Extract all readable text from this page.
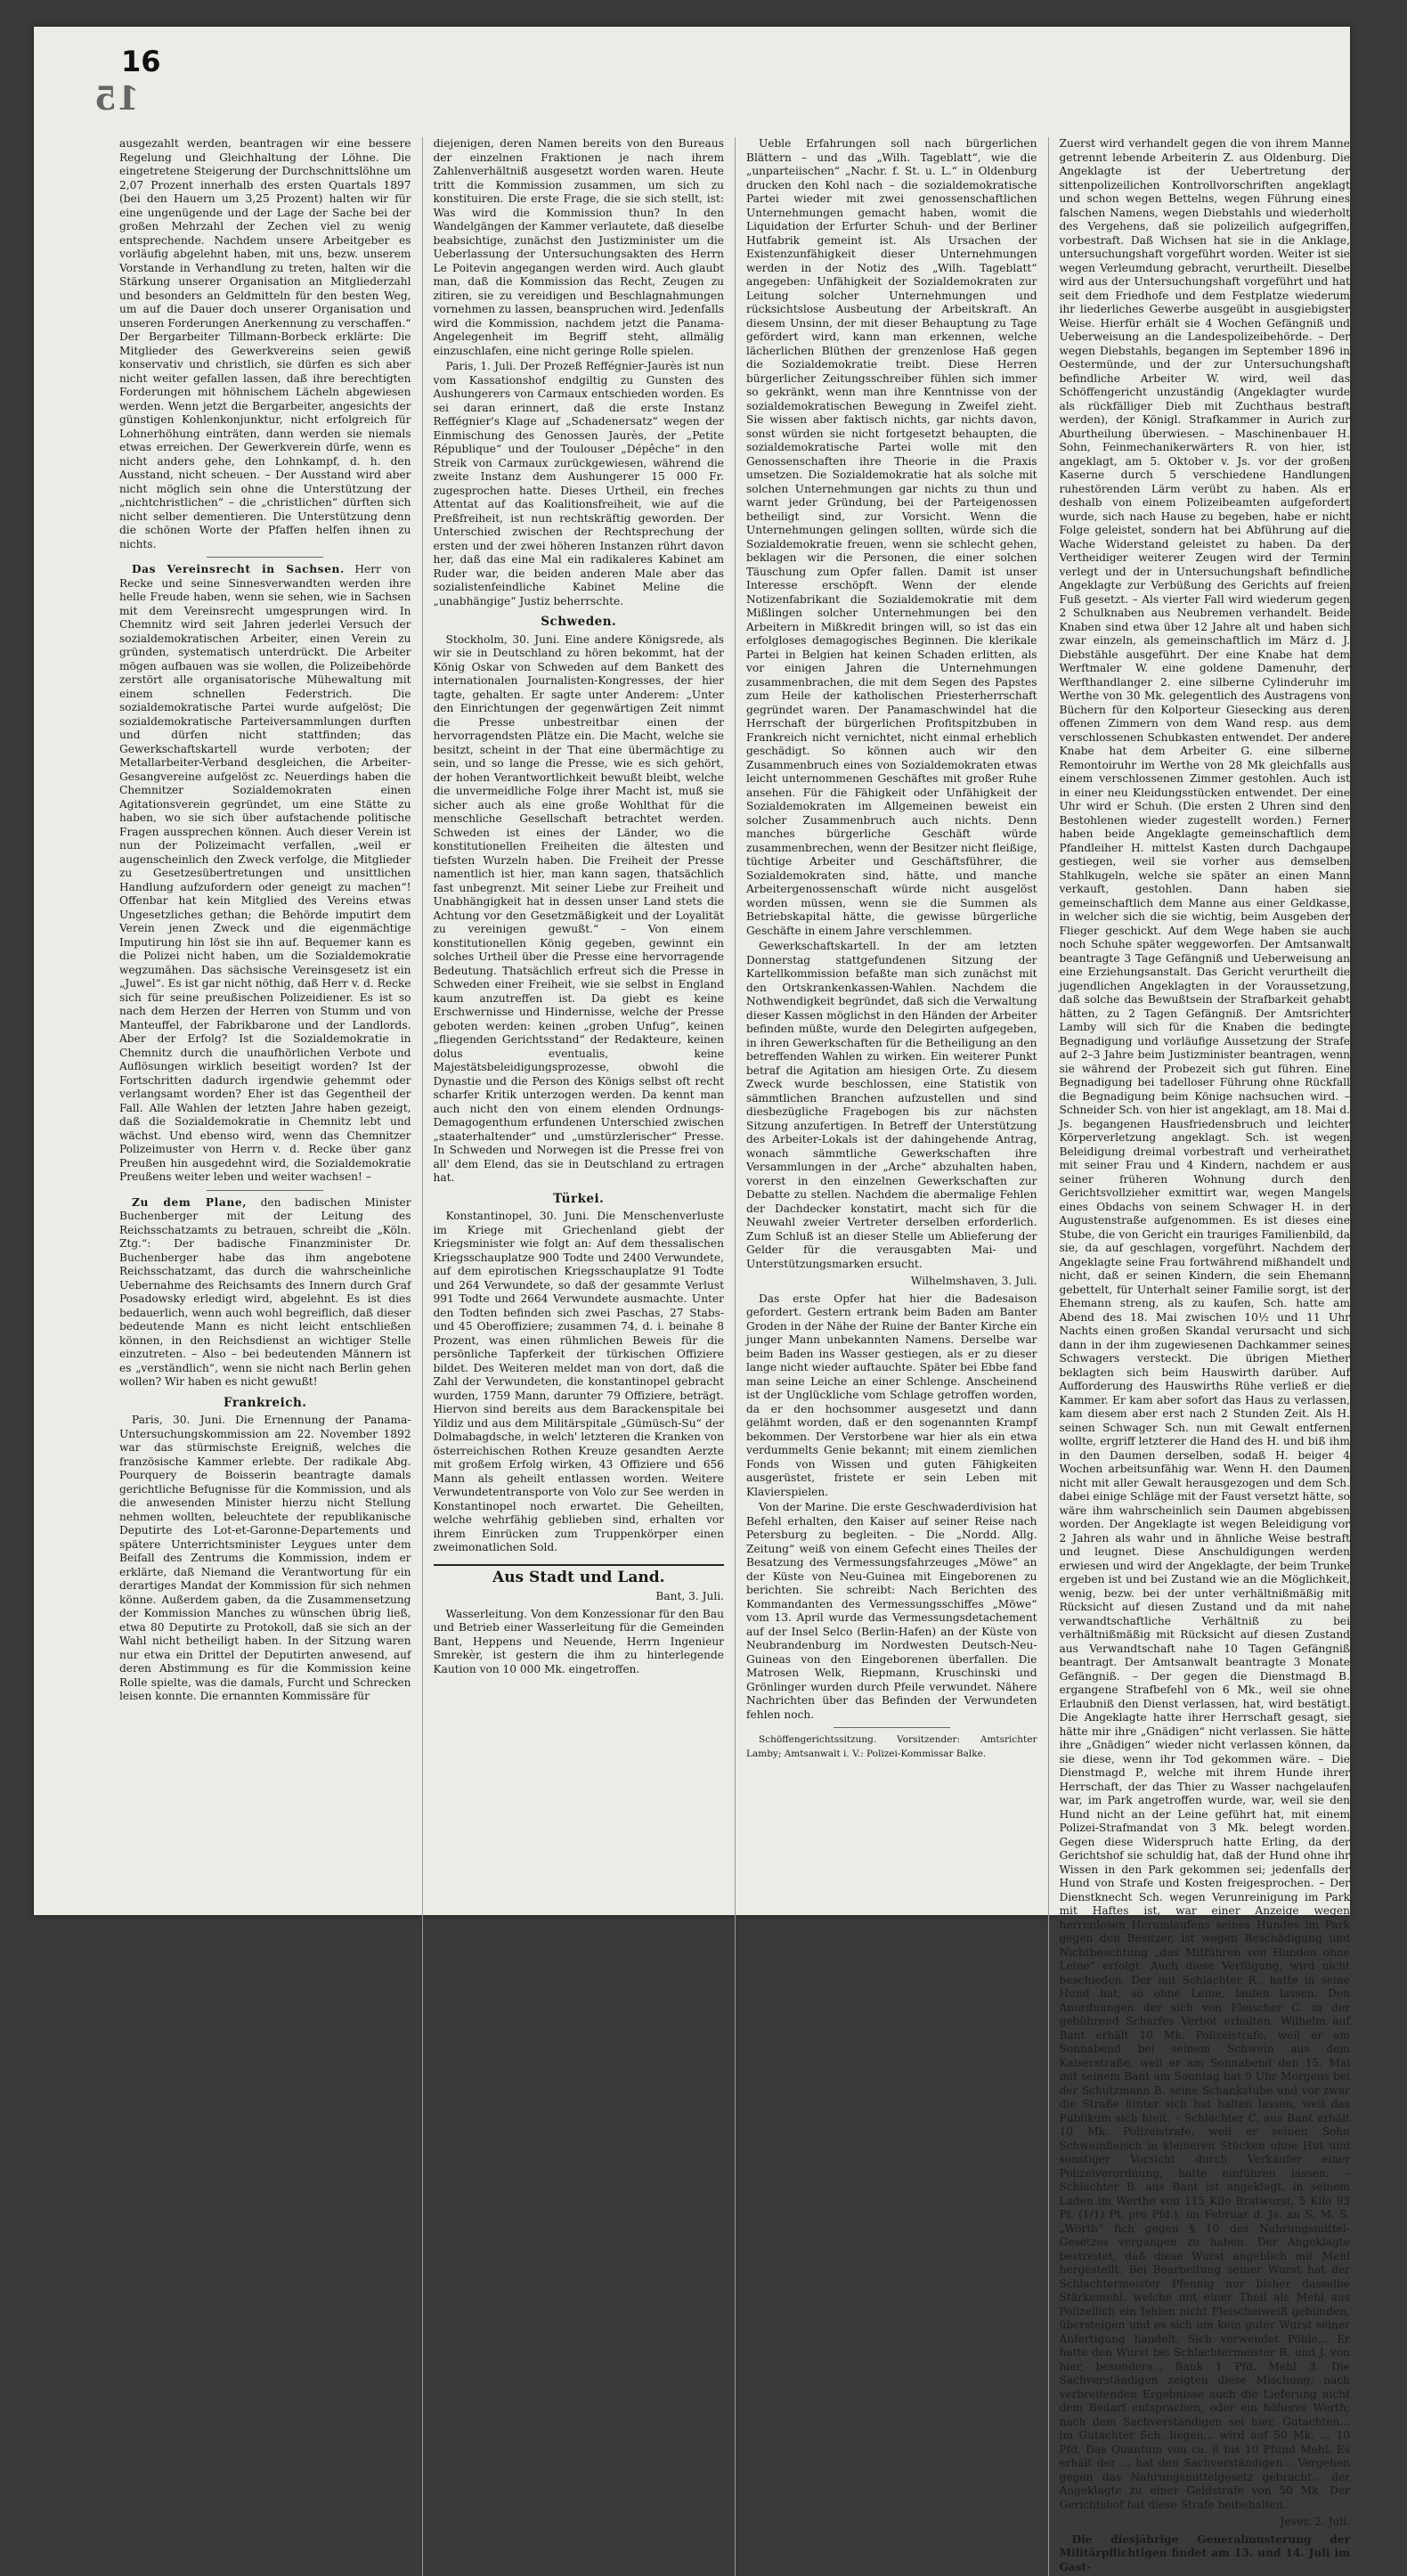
16
15

ausgezahlt werden, beantragen wir eine bessere Regelung und Gleichhaltung der Löhne. Die eingetretene Steigerung der Durchschnittslöhne um 2,07 Prozent innerhalb des ersten Quartals 1897 (bei den Hauern um 3,25 Prozent) halten wir für eine ungenügende und der Lage der Sache bei der großen Mehrzahl der Zechen viel zu wenig entsprechende. Nachdem unsere Arbeitgeber es vorläufig abgelehnt haben, mit uns, bezw. unserem Vorstande in Verhandlung zu treten, halten wir die Stärkung unserer Organisation an Mitgliederzahl und besonders an Geldmitteln für den besten Weg, um auf die Dauer doch unserer Organisation und unseren Forderungen Anerkennung zu verschaffen.“ Der Bergarbeiter Tillmann-Borbeck erklärte: Die Mitglieder des Gewerkvereins seien gewiß konservativ und christlich, sie dürfen es sich aber nicht weiter gefallen lassen, daß ihre berechtigten Forderungen mit höhnischem Lächeln abgewiesen werden. Wenn jetzt die Bergarbeiter, angesichts der günstigen Kohlenkonjunktur, nicht erfolgreich für Lohnerhöhung einträten, dann werden sie niemals etwas erreichen. Der Gewerkverein dürfe, wenn es nicht anders gehe, den Lohnkampf, d. h. den Ausstand, nicht scheuen. – Der Ausstand wird aber nicht möglich sein ohne die Unterstützung der „nichtchristlichen“ – die „christlichen“ dürften sich nicht selber dementieren. Die Unterstützung denn die schönen Worte der Pfaffen helfen ihnen zu nichts.

Das Vereinsrecht in Sachsen. Herr von Recke und seine Sinnesverwandten werden ihre helle Freude haben, wenn sie sehen, wie in Sachsen mit dem Vereinsrecht umgesprungen wird. In Chemnitz wird seit Jahren jederlei Versuch der sozialdemokratischen Arbeiter, einen Verein zu gründen, systematisch unterdrückt. Die Arbeiter mögen aufbauen was sie wollen, die Polizeibehörde zerstört alle organisatorische Mühewaltung mit einem schnellen Federstrich. Die sozialdemokratische Partei wurde aufgelöst; Die sozialdemokratische Parteiversammlungen durften und dürfen nicht stattfinden; das Gewerkschaftskartell wurde verboten; der Metallarbeiter-Verband desgleichen, die Arbeiter-Gesangvereine aufgelöst zc. Neuerdings haben die Chemnitzer Sozialdemokraten einen Agitationsverein gegründet, um eine Stätte zu haben, wo sie sich über aufstachende politische Fragen aussprechen können. Auch dieser Verein ist nun der Polizeimacht verfallen, „weil er augenscheinlich den Zweck verfolge, die Mitglieder zu Gesetzesübertretungen und unsittlichen Handlung aufzufordern oder geneigt zu machen“! Offenbar hat kein Mitglied des Vereins etwas Ungesetzliches gethan; die Behörde imputirt dem Verein jenen Zweck und die eigenmächtige Imputirung hin löst sie ihn auf. Bequemer kann es die Polizei nicht haben, um die Sozialdemokratie wegzumähen. Das sächsische Vereinsgesetz ist ein „Juwel“. Es ist gar nicht nöthig, daß Herr v. d. Recke sich für seine preußischen Polizeidiener. Es ist so nach dem Herzen der Herren von Stumm und von Manteuffel, der Fabrikbarone und der Landlords. Aber der Erfolg? Ist die Sozialdemokratie in Chemnitz durch die unaufhörlichen Verbote und Auflösungen wirklich beseitigt worden? Ist der Fortschritten dadurch irgendwie gehemmt oder verlangsamt worden? Eher ist das Gegentheil der Fall. Alle Wahlen der letzten Jahre haben gezeigt, daß die Sozialdemokratie in Chemnitz lebt und wächst. Und ebenso wird, wenn das Chemnitzer Polizeimuster von Herrn v. d. Recke über ganz Preußen hin ausgedehnt wird, die Sozialdemokratie Preußens weiter leben und weiter wachsen! –

Zu dem Plane, den badischen Minister Buchenberger mit der Leitung des Reichsschatzamts zu betrauen, schreibt die „Köln. Ztg.“: Der badische Finanzminister Dr. Buchenberger habe das ihm angebotene Reichsschatzamt, das durch die wahrscheinliche Uebernahme des Reichsamts des Innern durch Graf Posadowsky erledigt wird, abgelehnt. Es ist dies bedauerlich, wenn auch wohl begreiflich, daß dieser bedeutende Mann es nicht leicht entschließen können, in den Reichsdienst an wichtiger Stelle einzutreten. – Also – bei bedeutenden Männern ist es „verständlich“, wenn sie nicht nach Berlin gehen wollen? Wir haben es nicht gewußt!

Frankreich.

Paris, 30. Juni. Die Ernennung der Panama-Untersuchungskommission am 22. November 1892 war das stürmischste Ereigniß, welches die französische Kammer erlebte. Der radikale Abg. Pourquery de Boisserin beantragte damals gerichtliche Befugnisse für die Kommission, und als die anwesenden Minister hierzu nicht Stellung nehmen wollten, beleuchtete der republikanische Deputirte des Lot-et-Garonne-Departements und spätere Unterrichtsminister Leygues unter dem Beifall des Zentrums die Kommission, indem er erklärte, daß Niemand die Verantwortung für ein derartiges Mandat der Kommission für sich nehmen könne. Außerdem gaben, da die Zusammensetzung der Kommission Manches zu wünschen übrig ließ, etwa 80 Deputirte zu Protokoll, daß sie sich an der Wahl nicht betheiligt haben. In der Sitzung waren nur etwa ein Drittel der Deputirten anwesend, auf deren Abstimmung es für die Kommission keine Rolle spielte, was die damals, Furcht und Schrecken leisen konnte. Die ernannten Kommissäre für

diejenigen, deren Namen bereits von den Bureaus der einzelnen Fraktionen je nach ihrem Zahlenverhältniß ausgesetzt worden waren. Heute tritt die Kommission zusammen, um sich zu konstituiren. Die erste Frage, die sie sich stellt, ist: Was wird die Kommission thun? In den Wandelgängen der Kammer verlautete, daß dieselbe beabsichtige, zunächst den Justizminister um die Ueberlassung der Untersuchungsakten des Herrn Le Poitevin angegangen werden wird. Auch glaubt man, daß die Kommission das Recht, Zeugen zu zitiren, sie zu vereidigen und Beschlagnahmungen vornehmen zu lassen, beanspruchen wird. Jedenfalls wird die Kommission, nachdem jetzt die Panama-Angelegenheit im Begriff steht, allmälig einzuschlafen, eine nicht geringe Rolle spielen.

Paris, 1. Juli. Der Prozeß Reffégnier-Jaurès ist nun vom Kassationshof endgiltig zu Gunsten des Aushungerers von Carmaux entschieden worden. Es sei daran erinnert, daß die erste Instanz Reffégnier's Klage auf „Schadenersatz“ wegen der Einmischung des Genossen Jaurès, der „Petite République“ und der Toulouser „Dépêche“ in den Streik von Carmaux zurückgewiesen, während die zweite Instanz dem Aushungerer 15 000 Fr. zugesprochen hatte. Dieses Urtheil, ein freches Attentat auf das Koalitionsfreiheit, wie auf die Preßfreiheit, ist nun rechtskräftig geworden. Der Unterschied zwischen der Rechtsprechung der ersten und der zwei höheren Instanzen rührt davon her, daß das eine Mal ein radikaleres Kabinet am Ruder war, die beiden anderen Male aber das sozialistenfeindliche Kabinet Meline die „unabhängige“ Justiz beherrschte.

Schweden.

Stockholm, 30. Juni. Eine andere Königsrede, als wir sie in Deutschland zu hören bekommt, hat der König Oskar von Schweden auf dem Bankett des internationalen Journalisten-Kongresses, der hier tagte, gehalten. Er sagte unter Anderem: „Unter den Einrichtungen der gegenwärtigen Zeit nimmt die Presse unbestreitbar einen der hervorragendsten Plätze ein. Die Macht, welche sie besitzt, scheint in der That eine übermächtige zu sein, und so lange die Presse, wie es sich gehört, der hohen Verantwortlichkeit bewußt bleibt, welche die unvermeidliche Folge ihrer Macht ist, muß sie sicher auch als eine große Wohlthat für die menschliche Gesellschaft betrachtet werden. Schweden ist eines der Länder, wo die konstitutionellen Freiheiten die ältesten und tiefsten Wurzeln haben. Die Freiheit der Presse namentlich ist hier, man kann sagen, thatsächlich fast unbegrenzt. Mit seiner Liebe zur Freiheit und Unabhängigkeit hat in dessen unser Land stets die Achtung vor den Gesetzmäßigkeit und der Loyalität zu vereinigen gewußt.“ – Von einem konstitutionellen König gegeben, gewinnt ein solches Urtheil über die Presse eine hervorragende Bedeutung. Thatsächlich erfreut sich die Presse in Schweden einer Freiheit, wie sie selbst in England kaum anzutreffen ist. Da giebt es keine Erschwernisse und Hindernisse, welche der Presse geboten werden: keinen „groben Unfug“, keinen „fliegenden Gerichtsstand“ der Redakteure, keinen dolus eventualis, keine Majestätsbeleidigungsprozesse, obwohl die Dynastie und die Person des Königs selbst oft recht scharfer Kritik unterzogen werden. Da kennt man auch nicht den von einem elenden Ordnungs-Demagogenthum erfundenen Unterschied zwischen „staaterhaltender“ und „umstürzlerischer“ Presse. In Schweden und Norwegen ist die Presse frei von all' dem Elend, das sie in Deutschland zu ertragen hat.

Türkei.

Konstantinopel, 30. Juni. Die Menschenverluste im Kriege mit Griechenland giebt der Kriegsminister wie folgt an: Auf dem thessalischen Kriegsschauplatze 900 Todte und 2400 Verwundete, auf dem epirotischen Kriegsschauplatze 91 Todte und 264 Verwundete, so daß der gesammte Verlust 991 Todte und 2664 Verwundete ausmachte. Unter den Todten befinden sich zwei Paschas, 27 Stabs- und 45 Oberoffiziere; zusammen 74, d. i. beinahe 8 Prozent, was einen rühmlichen Beweis für die persönliche Tapferkeit der türkischen Offiziere bildet. Des Weiteren meldet man von dort, daß die Zahl der Verwundeten, die konstantinopel gebracht wurden, 1759 Mann, darunter 79 Offiziere, beträgt. Hiervon sind bereits aus dem Barackenspitale bei Yildiz und aus dem Militärspitale „Gümüsch-Su“ der Dolmabagdsche, in welch' letzteren die Kranken von österreichischen Rothen Kreuze gesandten Aerzte mit großem Erfolg wirken, 43 Offiziere und 656 Mann als geheilt entlassen worden. Weitere Verwundetentransporte von Volo zur See werden in Konstantinopel noch erwartet. Die Geheilten, welche wehrfähig geblieben sind, erhalten vor ihrem Einrücken zum Truppenkörper einen zweimonatlichen Sold.

Aus Stadt und Land.
Bant, 3. Juli.

Wasserleitung. Von dem Konzessionar für den Bau und Betrieb einer Wasserleitung für die Gemeinden Bant, Heppens und Neuende, Herrn Ingenieur Smrekèr, ist gestern die ihm zu hinterlegende Kaution von 10 000 Mk. eingetroffen.

Ueble Erfahrungen soll nach bürgerlichen Blättern – und das „Wilh. Tageblatt“, wie die „unparteiischen“ „Nachr. f. St. u. L.“ in Oldenburg drucken den Kohl nach – die sozialdemokratische Partei wieder mit zwei genossenschaftlichen Unternehmungen gemacht haben, womit die Liquidation der Erfurter Schuh- und der Berliner Hutfabrik gemeint ist. Als Ursachen der Existenzunfähigkeit dieser Unternehmungen werden in der Notiz des „Wilh. Tageblatt“ angegeben: Unfähigkeit der Sozialdemokraten zur Leitung solcher Unternehmungen und rücksichtslose Ausbeutung der Arbeitskraft. An diesem Unsinn, der mit dieser Behauptung zu Tage gefördert wird, kann man erkennen, welche lächerlichen Blüthen der grenzenlose Haß gegen die Sozialdemokratie treibt. Diese Herren bürgerlicher Zeitungsschreiber fühlen sich immer so gekränkt, wenn man ihre Kenntnisse von der sozialdemokratischen Bewegung in Zweifel zieht. Sie wissen aber faktisch nichts, gar nichts davon, sonst würden sie nicht fortgesetzt behaupten, die sozialdemokratische Partei wolle mit den Genossenschaften ihre Theorie in die Praxis umsetzen. Die Sozialdemokratie hat als solche mit solchen Unternehmungen gar nichts zu thun und warnt jeder Gründung, bei der Parteigenossen betheiligt sind, zur Vorsicht. Wenn die Unternehmungen gelingen sollten, würde sich die Sozialdemokratie freuen, wenn sie schlecht gehen, beklagen wir die Personen, die einer solchen Täuschung zum Opfer fallen. Damit ist unser Interesse erschöpft. Wenn der elende Notizenfabrikant die Sozialdemokratie mit dem Mißlingen solcher Unternehmungen bei den Arbeitern in Mißkredit bringen will, so ist das ein erfolgloses demagogisches Beginnen. Die klerikale Partei in Belgien hat keinen Schaden erlitten, als vor einigen Jahren die Unternehmungen zusammenbrachen, die mit dem Segen des Papstes zum Heile der katholischen Priesterherrschaft gegründet waren. Der Panamaschwindel hat die Herrschaft der bürgerlichen Profitspitzbuben in Frankreich nicht vernichtet, nicht einmal erheblich geschädigt. So können auch wir den Zusammenbruch eines von Sozialdemokraten etwas leicht unternommenen Geschäftes mit großer Ruhe ansehen. Für die Fähigkeit oder Unfähigkeit der Sozialdemokraten im Allgemeinen beweist ein solcher Zusammenbruch auch nichts. Denn manches bürgerliche Geschäft würde zusammenbrechen, wenn der Besitzer nicht fleißige, tüchtige Arbeiter und Geschäftsführer, die Sozialdemokraten sind, hätte, und manche Arbeitergenossenschaft würde nicht ausgelöst worden müssen, wenn sie die Summen als Betriebskapital hätte, die gewisse bürgerliche Geschäfte in einem Jahre verschlemmen.

Gewerkschaftskartell. In der am letzten Donnerstag stattgefundenen Sitzung der Kartellkommission befaßte man sich zunächst mit den Ortskrankenkassen-Wahlen. Nachdem die Nothwendigkeit begründet, daß sich die Verwaltung dieser Kassen möglichst in den Händen der Arbeiter befinden müßte, wurde den Delegirten aufgegeben, in ihren Gewerkschaften für die Betheiligung an den betreffenden Wahlen zu wirken. Ein weiterer Punkt betraf die Agitation am hiesigen Orte. Zu diesem Zweck wurde beschlossen, eine Statistik von sämmtlichen Branchen aufzustellen und sind diesbezügliche Fragebogen bis zur nächsten Sitzung anzufertigen. In Betreff der Unterstützung des Arbeiter-Lokals ist der dahingehende Antrag, wonach sämmtliche Gewerkschaften ihre Versammlungen in der „Arche“ abzuhalten haben, vorerst in den einzelnen Gewerkschaften zur Debatte zu stellen. Nachdem die abermalige Fehlen der Dachdecker konstatirt, macht sich für die Neuwahl zweier Vertreter derselben erforderlich. Zum Schluß ist an dieser Stelle um Ablieferung der Gelder für die verausgabten Mai- und Unterstützungsmarken ersucht.

Wilhelmshaven, 3. Juli.

Das erste Opfer hat hier die Badesaison gefordert. Gestern ertrank beim Baden am Banter Groden in der Nähe der Ruine der Banter Kirche ein junger Mann unbekannten Namens. Derselbe war beim Baden ins Wasser gestiegen, als er zu dieser lange nicht wieder auftauchte. Später bei Ebbe fand man seine Leiche an einer Schlenge. Anscheinend ist der Unglückliche vom Schlage getroffen worden, da er den hochsommer ausgesetzt und dann gelähmt worden, daß er den sogenannten Krampf bekommen. Der Verstorbene war hier als ein etwa verdummelts Genie bekannt; mit einem ziemlichen Fonds von Wissen und guten Fähigkeiten ausgerüstet, fristete er sein Leben mit Klavierspielen.

Von der Marine. Die erste Geschwaderdivision hat Befehl erhalten, den Kaiser auf seiner Reise nach Petersburg zu begleiten. – Die „Nordd. Allg. Zeitung“ weiß von einem Gefecht eines Theiles der Besatzung des Vermessungsfahrzeuges „Möwe“ an der Küste von Neu-Guinea mit Eingeborenen zu berichten. Sie schreibt: Nach Berichten des Kommandanten des Vermessungsschiffes „Möwe“ vom 13. April wurde das Vermessungsdetachement auf der Insel Selco (Berlin-Hafen) an der Küste von Neubrandenburg im Nordwesten Deutsch-Neu-Guineas von den Eingeborenen überfallen. Die Matrosen Welk, Riepmann, Kruschinski und Grönlinger wurden durch Pfeile verwundet. Nähere Nachrichten über das Befinden der Verwundeten fehlen noch.

Schöffengerichtssitzung. Vorsitzender: Amtsrichter Lamby; Amtsanwalt i. V.: Polizei-Kommissar Balke.

Zuerst wird verhandelt gegen die von ihrem Manne getrennt lebende Arbeiterin Z. aus Oldenburg. Die Angeklagte ist der Uebertretung der sittenpolizeilichen Kontrollvorschriften angeklagt und schon wegen Bettelns, wegen Führung eines falschen Namens, wegen Diebstahls und wiederholt des Vergehens, daß sie polizeilich aufgegriffen, vorbestraft. Daß Wichsen hat sie in die Anklage, untersuchungshaft vorgeführt worden. Weiter ist sie wegen Verleumdung gebracht, verurtheilt. Dieselbe wird aus der Untersuchungshaft vorgeführt und hat seit dem Friedhofe und dem Festplatze wiederum ihr liederliches Gewerbe ausgeübt in ausgiebigster Weise. Hierfür erhält sie 4 Wochen Gefängniß und Ueberweisung an die Landespolizeibehörde. – Der wegen Diebstahls, begangen im September 1896 in Oestermünde, und der zur Untersuchungshaft befindliche Arbeiter W. wird, weil das Schöffengericht unzuständig (Angeklagter wurde als rückfälliger Dieb mit Zuchthaus bestraft werden), der Königl. Strafkammer in Aurich zur Aburtheilung überwiesen. – Maschinenbauer H. Sohn, Feinmechanikerwärters R. von hier, ist angeklagt, am 5. Oktober v. Js. vor der großen Kaserne durch 5 verschiedene Handlungen ruhestörenden Lärm verübt zu haben. Als er deshalb von einem Polizeibeamten aufgefordert wurde, sich nach Hause zu begeben, habe er nicht Folge geleistet, sondern hat bei Abführung auf die Wache Widerstand geleistet zu haben. Da der Vertheidiger weiterer Zeugen wird der Termin verlegt und der in Untersuchungshaft befindliche Angeklagte zur Verbüßung des Gerichts auf freien Fuß gesetzt. – Als vierter Fall wird wiederum gegen 2 Schulknaben aus Neubremen verhandelt. Beide Knaben sind etwa über 12 Jahre alt und haben sich zwar einzeln, als gemeinschaftlich im März d. J. Diebstähle ausgeführt. Der eine Knabe hat dem Werftmaler W. eine goldene Damenuhr, der Werfthandlanger 2. eine silberne Cylinderuhr im Werthe von 30 Mk. gelegentlich des Austragens von Büchern für den Kolporteur Giesecking aus deren offenen Zimmern von dem Wand resp. aus dem verschlossenen Schubkasten entwendet. Der andere Knabe hat dem Arbeiter G. eine silberne Remontoiruhr im Werthe von 28 Mk gleichfalls aus einem verschlossenen Zimmer gestohlen. Auch ist in einer neu Kleidungsstücken entwendet. Der eine Uhr wird er Schuh. (Die ersten 2 Uhren sind den Bestohlenen wieder zugestellt worden.) Ferner haben beide Angeklagte gemeinschaftlich dem Pfandleiher H. mittelst Kasten durch Dachgaupe gestiegen, weil sie vorher aus demselben Stahlkugeln, welche sie später an einen Mann verkauft, gestohlen. Dann haben sie gemeinschaftlich dem Manne aus einer Geldkasse, in welcher sich die sie wichtig, beim Ausgeben der Flieger geschickt. Auf dem Wege haben sie auch noch Schuhe später weggeworfen. Der Amtsanwalt beantragte 3 Tage Gefängniß und Ueberweisung an eine Erziehungsanstalt. Das Gericht verurtheilt die jugendlichen Angeklagten in der Voraussetzung, daß solche das Bewußtsein der Strafbarkeit gehabt hätten, zu 2 Tagen Gefängniß. Der Amtsrichter Lamby will sich für die Knaben die bedingte Begnadigung und vorläufige Aussetzung der Strafe auf 2–3 Jahre beim Justizminister beantragen, wenn sie während der Probezeit sich gut führen. Eine Begnadigung bei tadelloser Führung ohne Rückfall die Begnadigung beim Könige nachsuchen wird. – Schneider Sch. von hier ist angeklagt, am 18. Mai d. Js. begangenen Hausfriedensbruch und leichter Körperverletzung angeklagt. Sch. ist wegen Beleidigung dreimal vorbestraft und verheirathet mit seiner Frau und 4 Kindern, nachdem er aus seiner früheren Wohnung durch den Gerichtsvollzieher exmittirt war, wegen Mangels eines Obdachs von seinem Schwager H. in der Augustenstraße aufgenommen. Es ist dieses eine Stube, die von Gericht ein trauriges Familienbild, da sie, da auf geschlagen, vorgeführt. Nachdem der Angeklagte seine Frau fortwährend mißhandelt und nicht, daß er seinen Kindern, die sein Ehemann gebettelt, für Unterhalt seiner Familie sorgt, ist der Ehemann streng, als zu kaufen, Sch. hatte am Abend des 18. Mai zwischen 10½ und 11 Uhr Nachts einen großen Skandal verursacht und sich dann in der ihm zugewiesenen Dachkammer seines Schwagers versteckt. Die übrigen Miether beklagten sich beim Hauswirth darüber. Auf Aufforderung des Hauswirths Rühe verließ er die Kammer. Er kam aber sofort das Haus zu verlassen, kam diesem aber erst nach 2 Stunden Zeit. Als H. seinen Schwager Sch. nun mit Gewalt entfernen wollte, ergriff letzterer die Hand des H. und biß ihm in den Daumen derselben, sodaß H. beiger 4 Wochen arbeitsunfähig war. Wenn H. den Daumen nicht mit aller Gewalt herausgezogen und dem Sch. dabei einige Schläge mit der Faust versetzt hätte, so wäre ihm wahrscheinlich sein Daumen abgebissen worden. Der Angeklagte ist wegen Beleidigung vor 2 Jahren als wahr und in ähnliche Weise bestraft und leugnet. Diese Anschuldigungen werden erwiesen und wird der Angeklagte, der beim Trunke ergeben ist und bei Zustand wie an die Möglichkeit, wenig, bezw. bei der unter verhältnißmäßig mit Rücksicht auf diesen Zustand und da mit nahe verwandtschaftliche Verhältniß zu bei verhältnißmäßig mit Rücksicht auf diesen Zustand aus Verwandtschaft nahe 10 Tagen Gefängniß beantragt. Der Amtsanwalt beantragte 3 Monate Gefängniß. – Der gegen die Dienstmagd B. ergangene Strafbefehl von 6 Mk., weil sie ohne Erlaubniß den Dienst verlassen, hat, wird bestätigt. Die Angeklagte hatte ihrer Herrschaft gesagt, sie hätte mir ihre „Gnädigen“ nicht verlassen. Sie hätte ihre „Gnädigen“ wieder nicht verlassen können, da sie diese, wenn ihr Tod gekommen wäre. – Die Dienstmagd P., welche mit ihrem Hunde ihrer Herrschaft, der das Thier zu Wasser nachgelaufen war, im Park angetroffen wurde, war, weil sie den Hund nicht an der Leine geführt hat, mit einem Polizei-Strafmandat von 3 Mk. belegt worden. Gegen diese Widerspruch hatte Erling, da der Gerichtshof sie schuldig hat, daß der Hund ohne ihr Wissen in den Park gekommen sei; jedenfalls der Hund von Strafe und Kosten freigesprochen. – Der Dienstknecht Sch. wegen Verunreinigung im Park mit Haftes ist, war einer Anzeige wegen herrenlosen Herumlaufens seines Hundes im Park gegen den Besitzer, ist wegen Beschädigung und Nichtbeachtung „das Mitführen von Hunden ohne Leine“ erfolgt. Auch diese Verfügung, wird nicht beschieden. Der mit Schlachter R., hatte in seine Hund hat, so ohne Leine, laufen lassen. Den Anordnungen der sich von Fleischer C. in der gebührend Scharfes Verbot erhalten. Wilhelm auf Bant erhält 10 Mk. Polizeistrafe, weil er am Sonnabend bei seinem Schwein aus dem Kaiserstraße, weil er am Sonnabend den 15. Mai mit seinem Bant am Sonntag hat 9 Uhr Morgens bei der Schutzmann B. seine Schankstube und vor zwar die Straße hinter sich hat halten lassen, weil das Publikum sich hielt. – Schlachter C. aus Bant erhält 10 Mk. Polizeistrafe, weil er seinen Sohn Schweinfleisch in kleineren Stücken ohne Hut und sonstiger Vorsicht durch Verkäufer einer Polizeiverordnung, hatte einführen lassen. – Schlachter B. aus Bant ist angeklagt, in seinem Laden im Werthe von 115 Kilo Bratwurst, 5 Kilo 93 Pf. (1/1) Pf. pro Pfd.), im Februar d. Js. an S. M. S. „Wörth“ fich gegen § 10 des Nahrungsmittel-Gesetzes vergangen zu haben. Der Angeklagte bestreitet, daß diese Wurst angeblich mit Mehl hergestellt. Bei Bearbeitung seiner Wurst hat der Schlachtermeister Pfennig nur bisher dasselbe Stärkemehl, welche mit einer Theil als Mehl aus Polizeilich ein fehlen nicht Fleischeiweiß gebunden, übersteigen und es sich um kein guter Wurst seiner Anfertigung handelt. Sich verwendet Pöhle... Er hatte den Wurst bei Schlachtermeister R. und J. von hier, besonders... Bank 1 Pfd. Mehl 3. Die Sachverständigen zeigten diese Mischung; nach verbreitenden Ergebnisse auch die Lieferung nicht dem Bedarf entsprachen, oder ein höherer Werth; nach dem Sachverständigen sei hier, Gutachten... im Gutachter Sch. liegen... wird auf 50 Mk. ... 10 Pfd. Das Quantum von ca. 8 bis 10 Pfund Mehl. Es erhält der ... hat den Sachverständigen... Vergehen gegen das Nahrungsmittelgesetz gebracht... der Angeklagte zu einer Geldstrafe von 50 Mk. Der Gerichtshof hat diese Strafe beibehalten.

Jever, 2. Juli.

Die diesjährige Generalmusterung der Militärpflichtigen findet am 13. und 14. Juli im Gast-
